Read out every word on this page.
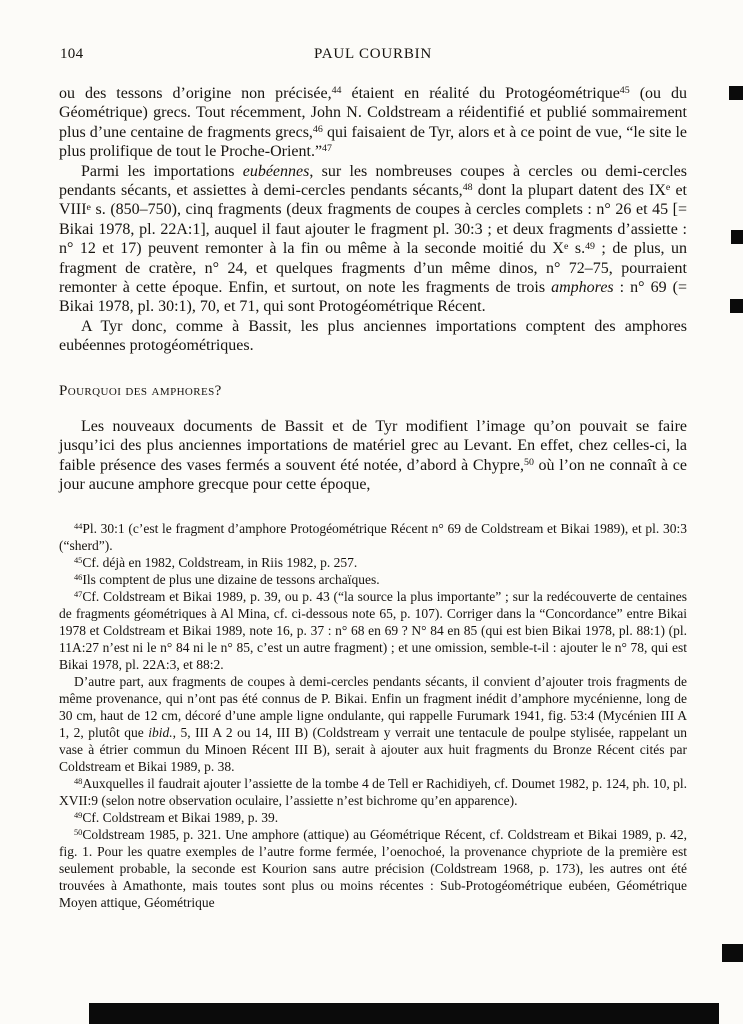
104	PAUL COURBIN

ou des tessons d’origine non précisée,44 étaient en réalité du Protogéométrique45 (ou du Géométrique) grecs. Tout récemment, John N. Coldstream a réidentifié et publié sommairement plus d’une centaine de fragments grecs,46 qui faisaient de Tyr, alors et à ce point de vue, “le site le plus prolifique de tout le Proche-Orient.”47

Parmi les importations eubéennes, sur les nombreuses coupes à cercles ou demi-cercles pendants sécants, et assiettes à demi-cercles pendants sécants,48 dont la plupart datent des IXe et VIIIe s. (850–750), cinq fragments (deux fragments de coupes à cercles complets : n° 26 et 45 [= Bikai 1978, pl. 22A:1], auquel il faut ajouter le fragment pl. 30:3 ; et deux fragments d’assiette : n° 12 et 17) peuvent remonter à la fin ou même à la seconde moitié du Xe s.49 ; de plus, un fragment de cratère, n° 24, et quelques fragments d’un même dinos, n° 72–75, pourraient remonter à cette époque. Enfin, et surtout, on note les fragments de trois amphores : n° 69 (= Bikai 1978, pl. 30:1), 70, et 71, qui sont Protogéométrique Récent.

A Tyr donc, comme à Bassit, les plus anciennes importations comptent des amphores eubéennes protogéométriques.

Pourquoi des amphores?

Les nouveaux documents de Bassit et de Tyr modifient l’image qu’on pouvait se faire jusqu’ici des plus anciennes importations de matériel grec au Levant. En effet, chez celles-ci, la faible présence des vases fermés a souvent été notée, d’abord à Chypre,50 où l’on ne connaît à ce jour aucune amphore grecque pour cette époque,

44Pl. 30:1 (c’est le fragment d’amphore Protogéométrique Récent n° 69 de Coldstream et Bikai 1989), et pl. 30:3 (“sherd”).

45Cf. déjà en 1982, Coldstream, in Riis 1982, p. 257.

46Ils comptent de plus une dizaine de tessons archaïques.

47Cf. Coldstream et Bikai 1989, p. 39, ou p. 43 (“la source la plus importante” ; sur la redécouverte de centaines de fragments géométriques à Al Mina, cf. ci-dessous note 65, p. 107). Corriger dans la “Concordance” entre Bikai 1978 et Coldstream et Bikai 1989, note 16, p. 37 : n° 68 en 69 ? N° 84 en 85 (qui est bien Bikai 1978, pl. 88:1) (pl. 11A:27 n’est ni le n° 84 ni le n° 85, c’est un autre fragment) ; et une omission, semble-t-il : ajouter le n° 78, qui est Bikai 1978, pl. 22A:3, et 88:2.

D’autre part, aux fragments de coupes à demi-cercles pendants sécants, il convient d’ajouter trois fragments de même provenance, qui n’ont pas été connus de P. Bikai. Enfin un fragment inédit d’amphore mycénienne, long de 30 cm, haut de 12 cm, décoré d’une ample ligne ondulante, qui rappelle Furumark 1941, fig. 53:4 (Mycénien III A 1, 2, plutôt que ibid., 5, III A 2 ou 14, III B) (Coldstream y verrait une tentacule de poulpe stylisée, rappelant un vase à étrier commun du Minoen Récent III B), serait à ajouter aux huit fragments du Bronze Récent cités par Coldstream et Bikai 1989, p. 38.

48Auxquelles il faudrait ajouter l’assiette de la tombe 4 de Tell er Rachidiyeh, cf. Doumet 1982, p. 124, ph. 10, pl. XVII:9 (selon notre observation oculaire, l’assiette n’est bichrome qu’en apparence).

49Cf. Coldstream et Bikai 1989, p. 39.

50Coldstream 1985, p. 321. Une amphore (attique) au Géométrique Récent, cf. Coldstream et Bikai 1989, p. 42, fig. 1. Pour les quatre exemples de l’autre forme fermée, l’oenochoé, la provenance chypriote de la première est seulement probable, la seconde est Kourion sans autre précision (Coldstream 1968, p. 173), les autres ont été trouvées à Amathonte, mais toutes sont plus ou moins récentes : Sub-Protogéométrique eubéen, Géométrique Moyen attique, Géométrique
